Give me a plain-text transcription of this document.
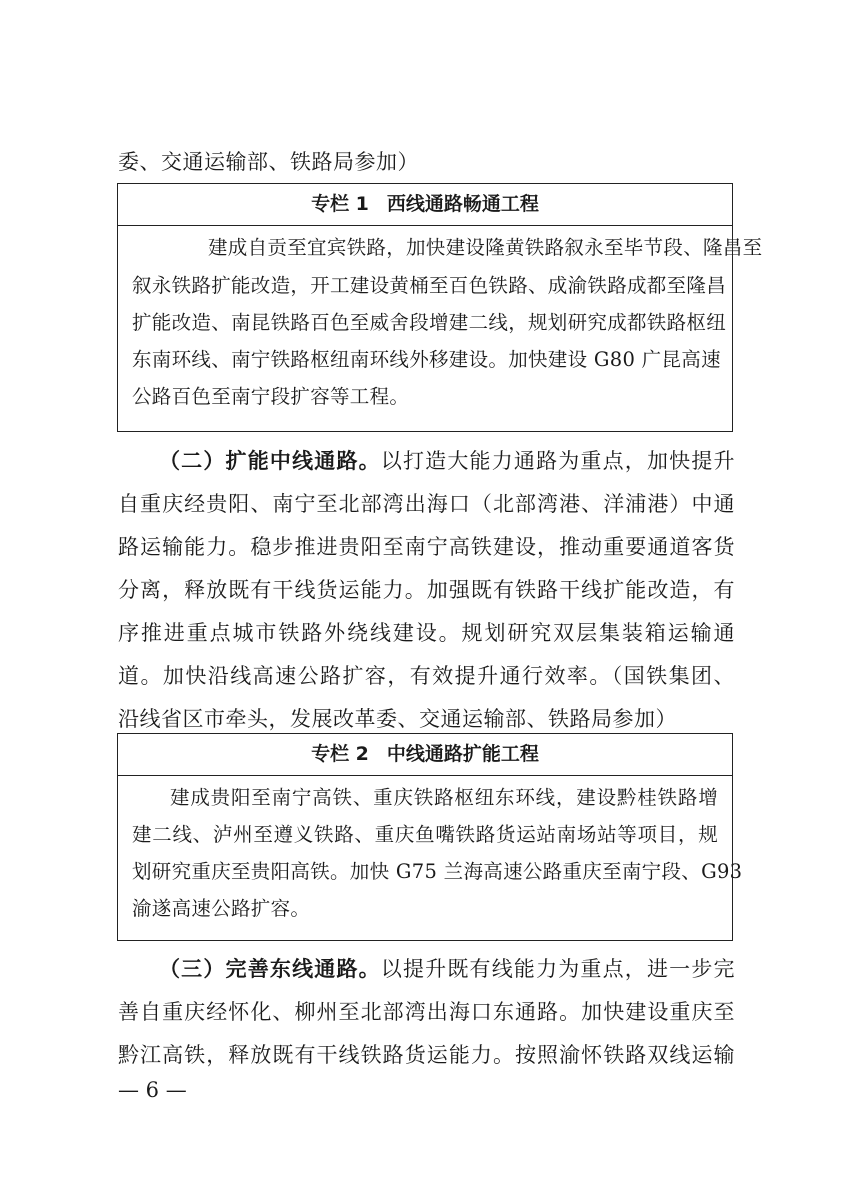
委、交通运输部、铁路局参加）
专栏 1 西线通路畅通工程
建成自贡至宜宾铁路，加快建设隆黄铁路叙永至毕节段、隆昌至
叙永铁路扩能改造，开工建设黄桶至百色铁路、成渝铁路成都至隆昌
扩能改造、南昆铁路百色至威舍段增建二线，规划研究成都铁路枢纽
东南环线、南宁铁路枢纽南环线外移建设。加快建设 G80 广昆高速
公路百色至南宁段扩容等工程。
（二）扩能中线通路。以打造大能力通路为重点，加快提升
自重庆经贵阳、南宁至北部湾出海口（北部湾港、洋浦港）中通
路运输能力。稳步推进贵阳至南宁高铁建设，推动重要通道客货
分离，释放既有干线货运能力。加强既有铁路干线扩能改造，有
序推进重点城市铁路外绕线建设。规划研究双层集装箱运输通
道。加快沿线高速公路扩容，有效提升通行效率。（国铁集团、
沿线省区市牵头，发展改革委、交通运输部、铁路局参加）
专栏 2 中线通路扩能工程
建成贵阳至南宁高铁、重庆铁路枢纽东环线，建设黔桂铁路增
建二线、泸州至遵义铁路、重庆鱼嘴铁路货运站南场站等项目，规
划研究重庆至贵阳高铁。加快 G75 兰海高速公路重庆至南宁段、G93
渝遂高速公路扩容。
（三）完善东线通路。以提升既有线能力为重点，进一步完
善自重庆经怀化、柳州至北部湾出海口东通路。加快建设重庆至
黔江高铁，释放既有干线铁路货运能力。按照渝怀铁路双线运输
— 6 —
